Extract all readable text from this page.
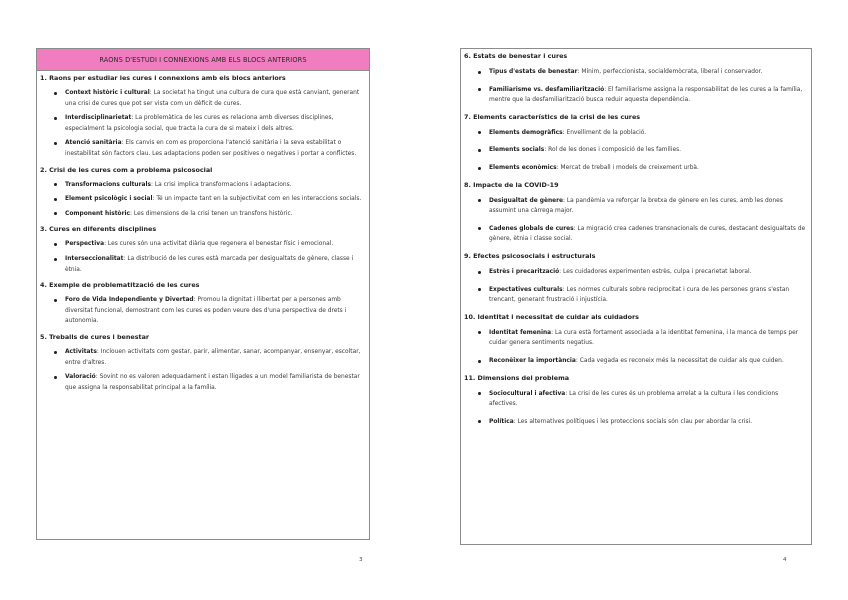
RAONS D'ESTUDI I CONNEXIONS AMB ELS BLOCS ANTERIORS
1. Raons per estudiar les cures i connexions amb els blocs anteriors
Context històric i cultural: La societat ha tingut una cultura de cura que està canviant, generant una crisi de cures que pot ser vista com un dèficit de cures.
Interdisciplinarietat: La problemàtica de les cures es relaciona amb diverses disciplines, especialment la psicologia social, que tracta la cura de si mateix i dels altres.
Atenció sanitària: Els canvis en com es proporciona l'atenció sanitària i la seva estabilitat o inestabilitat són factors clau. Les adaptacions poden ser positives o negatives i portar a conflictes.
2. Crisi de les cures com a problema psicosocial
Transformacions culturals: La crisi implica transformacions i adaptacions.
Element psicològic i social: Té un impacte tant en la subjectivitat com en les interaccions socials.
Component històric: Les dimensions de la crisi tenen un transfons històric.
3. Cures en diferents disciplines
Perspectiva: Les cures són una activitat diària que regenera el benestar físic i emocional.
Interseccionalitat: La distribució de les cures està marcada per desigualtats de gènere, classe i ètnia.
4. Exemple de problematització de les cures
Foro de Vida Independiente y Divertad: Promou la dignitat i llibertat per a persones amb diversitat funcional, demostrant com les cures es poden veure des d'una perspectiva de drets i autonomia.
5. Treballs de cures i benestar
Activitats: Inclouen activitats com gestar, parir, alimentar, sanar, acompanyar, ensenyar, escoltar, entre d'altres.
Valoració: Sovint no es valoren adequadament i estan lligades a un model familiarista de benestar que assigna la responsabilitat principal a la família.
3
6. Estats de benestar i cures
Tipus d'estats de benestar: Mínim, perfeccionista, socialdemòcrata, liberal i conservador.
Familiarisme vs. desfamiliarització: El familiarisme assigna la responsabilitat de les cures a la família, mentre que la desfamiliarització busca reduir aquesta dependència.
7. Elements característics de la crisi de les cures
Elements demogràfics: Envelliment de la població.
Elements socials: Rol de les dones i composició de les famílies.
Elements econòmics: Mercat de treball i models de creixement urbà.
8. Impacte de la COVID-19
Desigualtat de gènere: La pandèmia va reforçar la bretxa de gènere en les cures, amb les dones assumint una càrrega major.
Cadenes globals de cures: La migració crea cadenes transnacionals de cures, destacant desigualtats de gènere, ètnia i classe social.
9. Efectes psicosocials i estructurals
Estrès i precarització: Les cuidadores experimenten estrès, culpa i precarietat laboral.
Expectatives culturals: Les normes culturals sobre reciprocitat i cura de les persones grans s'estan trencant, generant frustració i injustícia.
10. Identitat i necessitat de cuidar als cuidadors
Identitat femenina: La cura està fortament associada a la identitat femenina, i la manca de temps per cuidar genera sentiments negatius.
Reconèixer la importància: Cada vegada es reconeix més la necessitat de cuidar als que cuiden.
11. Dimensions del problema
Sociocultural i afectiva: La crisi de les cures és un problema arrelat a la cultura i les condicions afectives.
Política: Les alternatives polítiques i les proteccions socials són clau per abordar la crisi.
4
